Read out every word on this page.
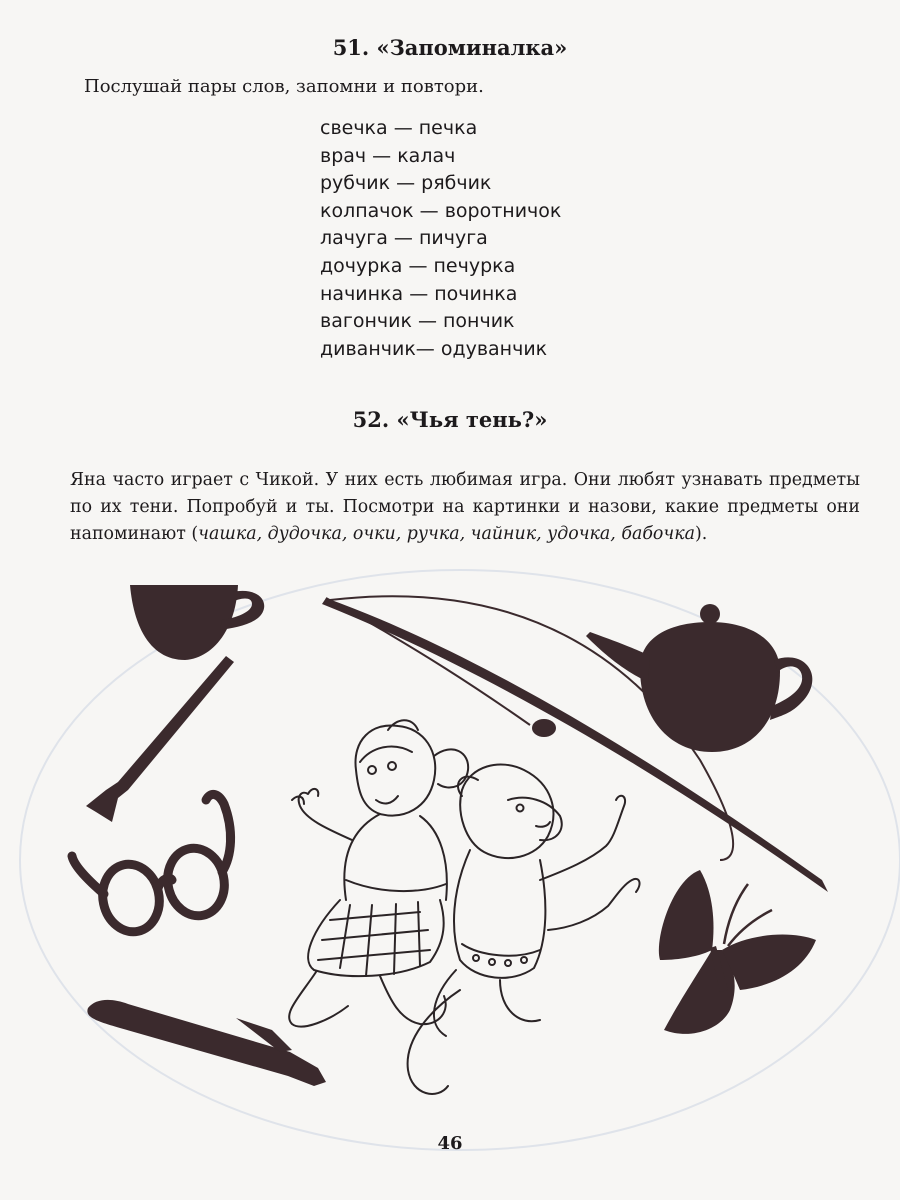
51. «Запоминалка»
Послушай пары слов, запомни и повтори.
свечка — печка
врач — калач
рубчик — рябчик
колпачок — воротничок
лачуга — пичуга
дочурка — печурка
начинка — починка
вагончик — пончик
диванчик— одуванчик
52. «Чья тень?»

Яна часто играет с Чикой. У них есть любимая игра. Они любят узнавать предметы по их тени. Попробуй и ты. Посмотри на картинки и назови, какие предметы они напоминают (чашка, дудочка, очки, ручка, чайник, удочка, бабочка).

46
